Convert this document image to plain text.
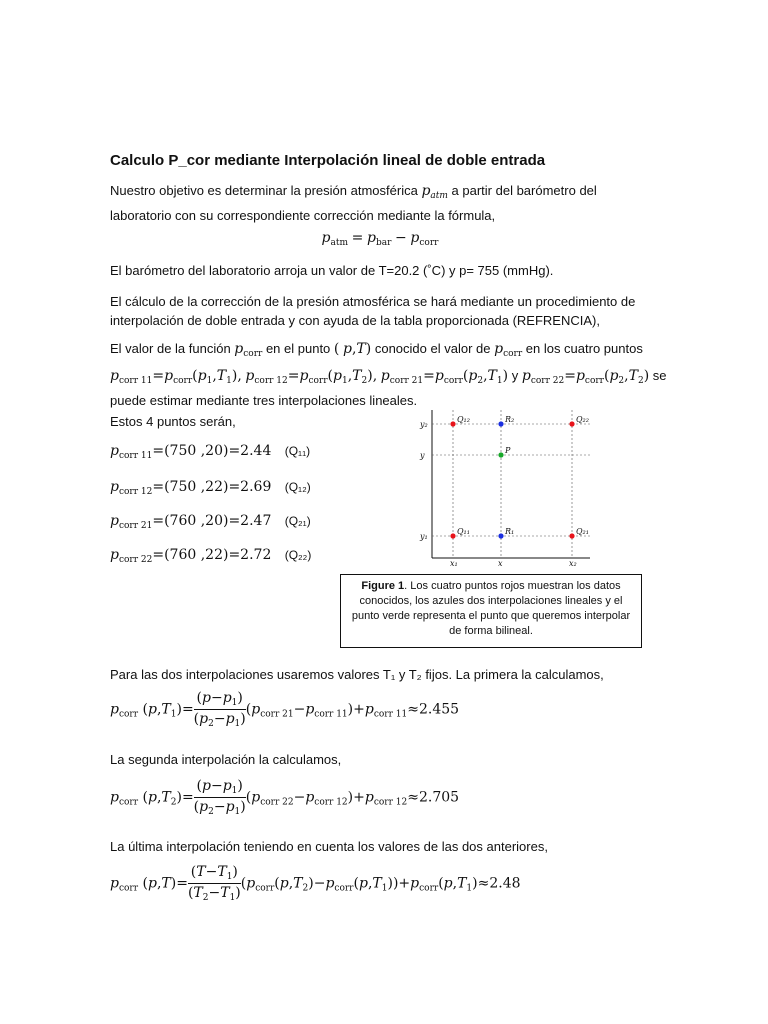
Calculo P_cor mediante Interpolación lineal de doble entrada
Nuestro objetivo es determinar la presión atmosférica $p_{atm}$ a partir del barómetro del
laboratorio con su correspondiente corrección mediante la fórmula,
$p_{atm} = p_{bar} - p_{corr}$
El barómetro del laboratorio arroja un valor de T=20.2 (˚C) y p= 755 (mmHg).
El cálculo de la corrección de la presión atmosférica se hará mediante un procedimiento de
interpolación de doble entrada y con ayuda de la tabla proporcionada (REFRENCIA),
El valor de la función $p_{corr}$ en el punto ( p,T) conocido el valor de $p_{corr}$ en los cuatro puntos
$p_{corr 11}=p_{corr}(p_1,T_1)$, $p_{corr 12}=p_{corr}(p_1,T_2)$, $p_{corr 21}=p_{corr}(p_2,T_1)$ y $p_{corr 22}=p_{corr}(p_2,T_2)$ se
puede estimar mediante tres interpolaciones lineales.
Estos 4 puntos serán,
$p_{corr 11}=(750$ ,20)=2.44 (Q₁₁)
$p_{corr 12}=(750$ ,22)=2.69 (Q₁₂)
$p_{corr 21}=(760$ ,20)=2.47 (Q₂₁)
$p_{corr 22}=(760$ ,22)=2.72 (Q₂₂)
Q₁₂	R₂	Q₂₂
P
Q₁₁	R₁	Q₂₁
y₂
y
y₁
x₁	x	x₂
Figure 1. Los cuatro puntos rojos muestran los datos conocidos, los azules dos interpolaciones lineales y el punto verde representa el punto que queremos interpolar de forma bilineal.
Para las dos interpolaciones usaremos valores T₁ y T₂ fijos. La primera la calculamos,
$p_{corr}$ $(p,T_1)= \frac{(p-p_1)}{(p_2-p_1)} (p_{corr 21}-p_{corr 11})+p_{corr 11}\approx 2.455$
La segunda interpolación la calculamos,
$p_{corr}$ $(p,T_2)= \frac{(p-p_1)}{(p_2-p_1)} (p_{corr 22}-p_{corr 12})+p_{corr 12}\approx 2.705$
La última interpolación teniendo en cuenta los valores de las dos anteriores,
$p_{corr}$ $(p,T)= \frac{(T-T_1)}{(T_2-T_1)} (p_{corr}(p,T_2)-p_{corr}(p,T_1))+p_{corr}(p,T_1)\approx 2.48$
